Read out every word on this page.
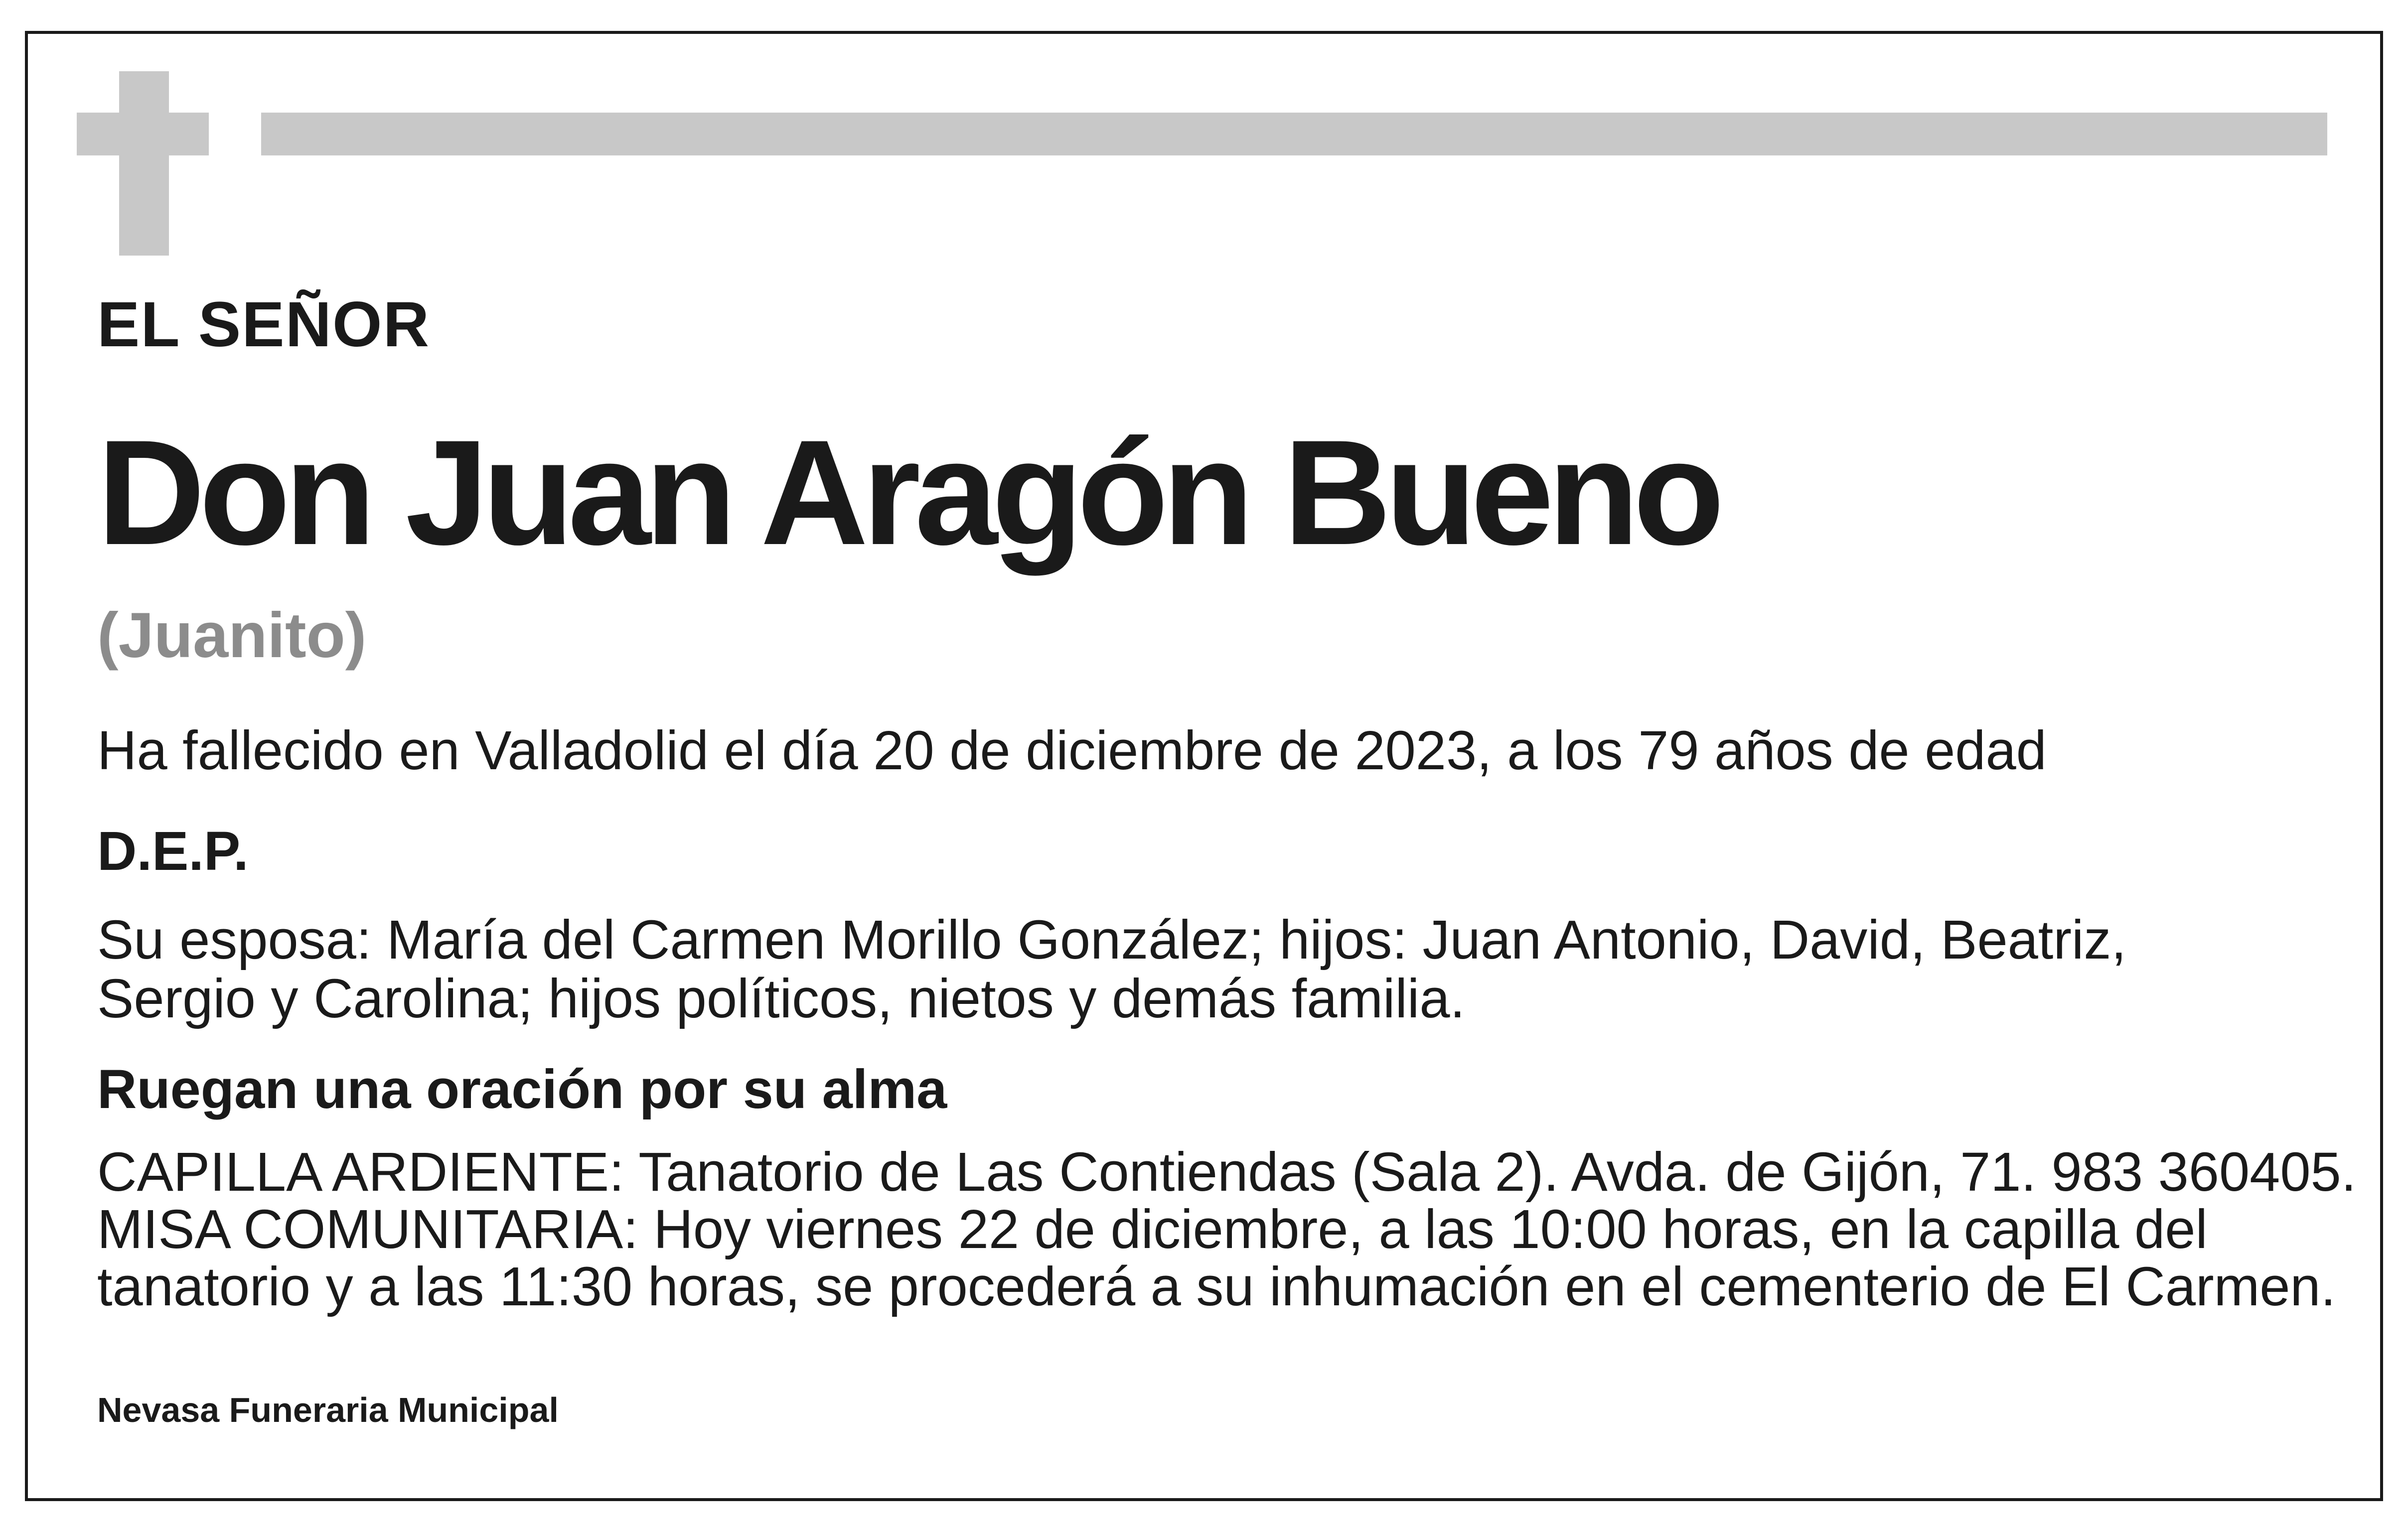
EL SEÑOR

Don Juan Aragón Bueno

(Juanito)

Ha fallecido en Valladolid el día 20 de diciembre de 2023, a los 79 años de edad

D.E.P.

Su esposa: María del Carmen Morillo González; hijos: Juan Antonio, David, Beatriz,
Sergio y Carolina; hijos políticos, nietos y demás familia.

Ruegan una oración por su alma

CAPILLA ARDIENTE: Tanatorio de Las Contiendas (Sala 2). Avda. de Gijón, 71. 983 360405.
MISA COMUNITARIA: Hoy viernes 22 de diciembre, a las 10:00 horas, en la capilla del
tanatorio y a las 11:30 horas, se procederá a su inhumación en el cementerio de El Carmen.

Nevasa Funeraria Municipal
